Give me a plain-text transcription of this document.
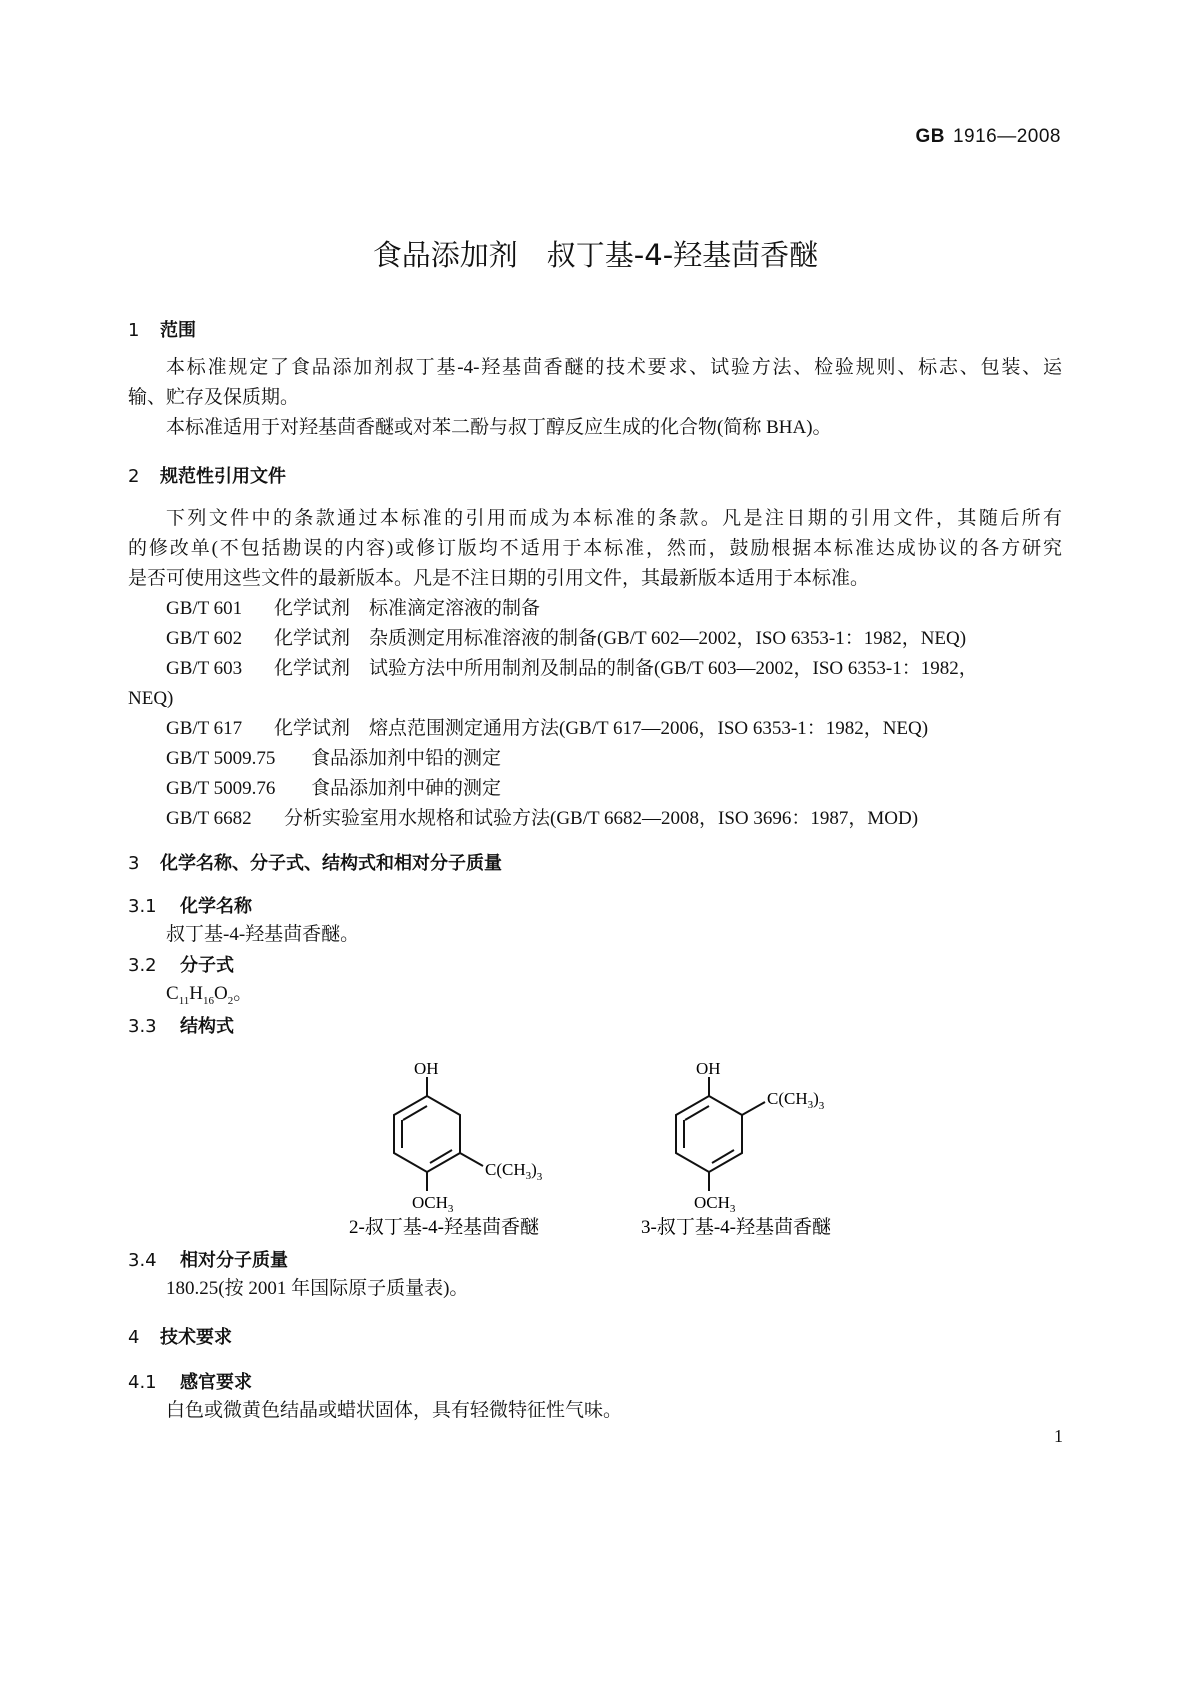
GB 1916—2008
食品添加剂　叔丁基-4-羟基茴香醚
1 范围
本标准规定了食品添加剂叔丁基-4-羟基茴香醚的技术要求、试验方法、检验规则、标志、包装、运
输、贮存及保质期。
本标准适用于对羟基茴香醚或对苯二酚与叔丁醇反应生成的化合物(简称 BHA)。
2 规范性引用文件
下列文件中的条款通过本标准的引用而成为本标准的条款。凡是注日期的引用文件，其随后所有
的修改单(不包括勘误的内容)或修订版均不适用于本标准，然而，鼓励根据本标准达成协议的各方研究
是否可使用这些文件的最新版本。凡是不注日期的引用文件，其最新版本适用于本标准。
GB/T 601 化学试剂　标准滴定溶液的制备
GB/T 602 化学试剂　杂质测定用标准溶液的制备(GB/T 602—2002，ISO 6353-1：1982，NEQ)
GB/T 603 化学试剂　试验方法中所用制剂及制品的制备(GB/T 603—2002，ISO 6353-1：1982，
NEQ)
GB/T 617 化学试剂　熔点范围测定通用方法(GB/T 617—2006，ISO 6353-1：1982，NEQ)
GB/T 5009.75 食品添加剂中铅的测定
GB/T 5009.76 食品添加剂中砷的测定
GB/T 6682 分析实验室用水规格和试验方法(GB/T 6682—2008，ISO 3696：1987，MOD)
3 化学名称、分子式、结构式和相对分子质量
3.1 化学名称
叔丁基-4-羟基茴香醚。
3.2 分子式
$C_{11}H_{16}O_2$。
3.3 结构式
OH
$C(CH_3)_3$
$OCH_3$
2-叔丁基-4-羟基茴香醚
OH
$C(CH_3)_3$
$OCH_3$
3-叔丁基-4-羟基茴香醚
3.4 相对分子质量
180.25(按 2001 年国际原子质量表)。
4 技术要求
4.1 感官要求
白色或微黄色结晶或蜡状固体，具有轻微特征性气味。
1
